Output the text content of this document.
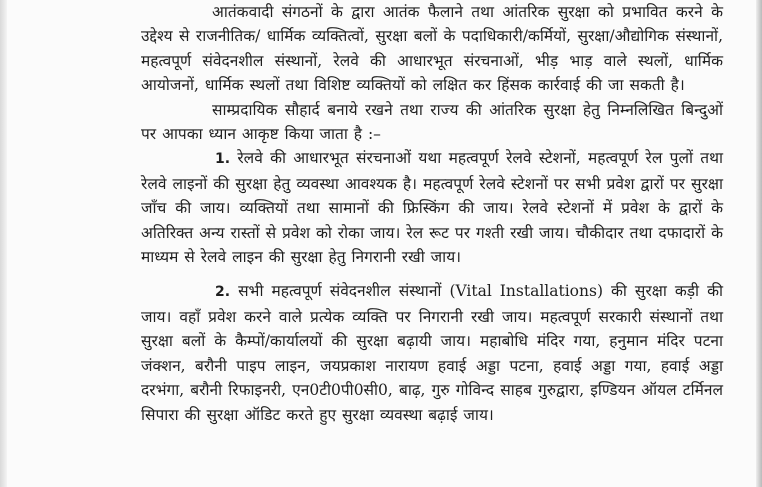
आतंकवादी संगठनों के द्वारा आतंक फैलाने तथा आंतरिक सुरक्षा को प्रभावित करने के उद्देश्य से राजनीतिक/ धार्मिक व्यक्तित्वों, सुरक्षा बलों के पदाधिकारी/कर्मियों, सुरक्षा/औद्योगिक संस्थानों, महत्वपूर्ण संवेदनशील संस्थानों, रेलवे की आधारभूत संरचनाओं, भीड़ भाड़ वाले स्थलों, धार्मिक आयोजनों, धार्मिक स्थलों तथा विशिष्ट व्यक्तियों को लक्षित कर हिंसक कार्रवाई की जा सकती है।

साम्प्रदायिक सौहार्द बनाये रखने तथा राज्य की आंतरिक सुरक्षा हेतु निम्नलिखित बिन्दुओं पर आपका ध्यान आकृष्ट किया जाता है :–

1. रेलवे की आधारभूत संरचनाओं यथा महत्वपूर्ण रेलवे स्टेशनों, महत्वपूर्ण रेल पुलों तथा रेलवे लाइनों की सुरक्षा हेतु व्यवस्था आवश्यक है। महत्वपूर्ण रेलवे स्टेशनों पर सभी प्रवेश द्वारों पर सुरक्षा जाँच की जाय। व्यक्तियों तथा सामानों की फ्रिस्किंग की जाय। रेलवे स्टेशनों में प्रवेश के द्वारों के अतिरिक्त अन्य रास्तों से प्रवेश को रोका जाय। रेल रूट पर गश्ती रखी जाय। चौकीदार तथा दफादारों के माध्यम से रेलवे लाइन की सुरक्षा हेतु निगरानी रखी जाय।

2. सभी महत्वपूर्ण संवेदनशील संस्थानों (Vital Installations) की सुरक्षा कड़ी की जाय। वहाँ प्रवेश करने वाले प्रत्येक व्यक्ति पर निगरानी रखी जाय। महत्वपूर्ण सरकारी संस्थानों तथा सुरक्षा बलों के कैम्पों/कार्यालयों की सुरक्षा बढ़ायी जाय। महाबोधि मंदिर गया, हनुमान मंदिर पटना जंक्शन, बरौनी पाइप लाइन, जयप्रकाश नारायण हवाई अड्डा पटना, हवाई अड्डा गया, हवाई अड्डा दरभंगा, बरौनी रिफाइनरी, एन0टी0पी0सी0, बाढ़, गुरु गोविन्द साहब गुरुद्वारा, इण्डियन ऑयल टर्मिनल सिपारा की सुरक्षा ऑडिट करते हुए सुरक्षा व्यवस्था बढ़ाई जाय।
